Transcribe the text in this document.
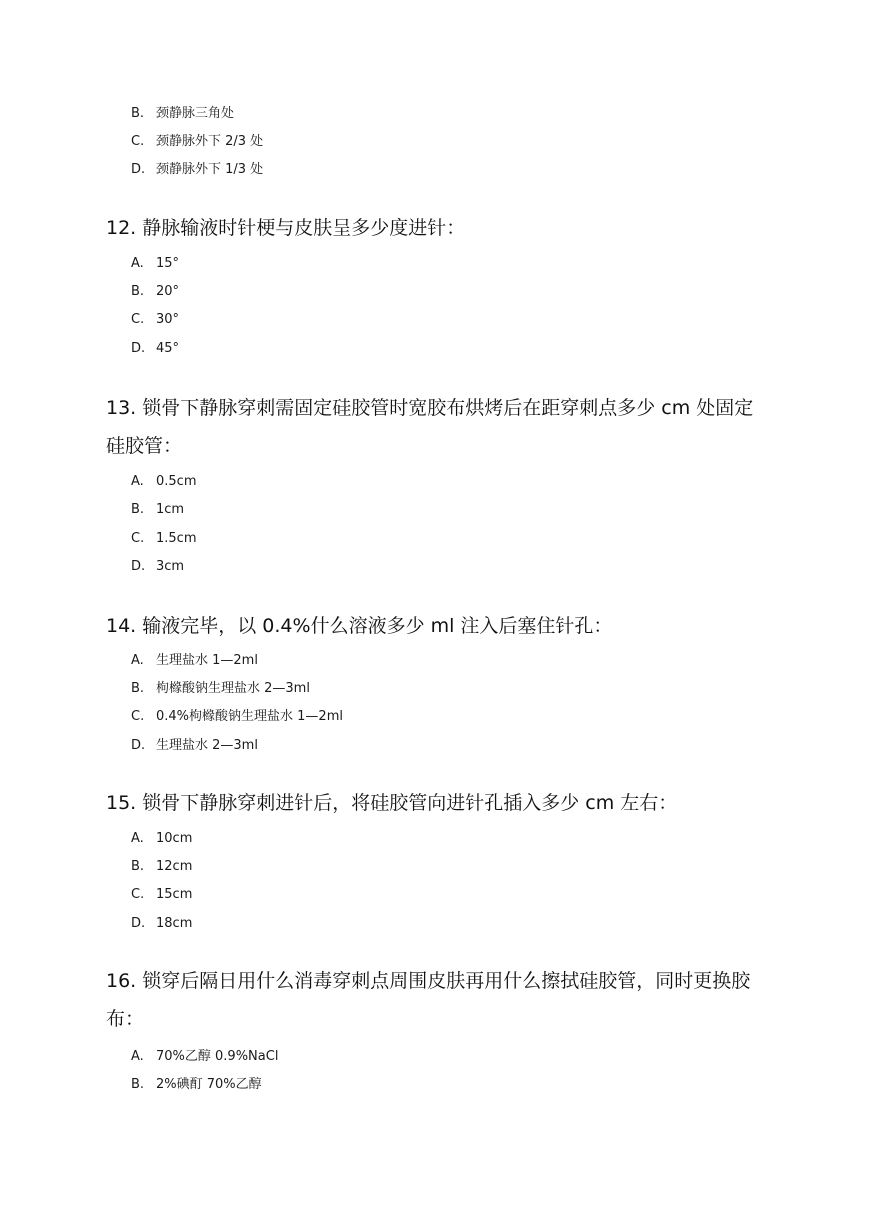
B. 颈静脉三角处
C. 颈静脉外下 2/3 处
D. 颈静脉外下 1/3 处
12. 静脉输液时针梗与皮肤呈多少度进针：
A. 15°
B. 20°
C. 30°
D. 45°
13. 锁骨下静脉穿刺需固定硅胶管时宽胶布烘烤后在距穿刺点多少 cm 处固定硅胶管：
A. 0.5cm
B. 1cm
C. 1.5cm
D. 3cm
14. 输液完毕，以 0.4%什么溶液多少 ml 注入后塞住针孔：
A. 生理盐水 1—2ml
B. 枸橼酸钠生理盐水 2—3ml
C. 0.4%枸橼酸钠生理盐水 1—2ml
D. 生理盐水 2—3ml
15. 锁骨下静脉穿刺进针后，将硅胶管向进针孔插入多少 cm 左右：
A. 10cm
B. 12cm
C. 15cm
D. 18cm
16. 锁穿后隔日用什么消毒穿刺点周围皮肤再用什么擦拭硅胶管，同时更换胶布：
A. 70%乙醇 0.9%NaCl
B. 2%碘酊 70%乙醇
